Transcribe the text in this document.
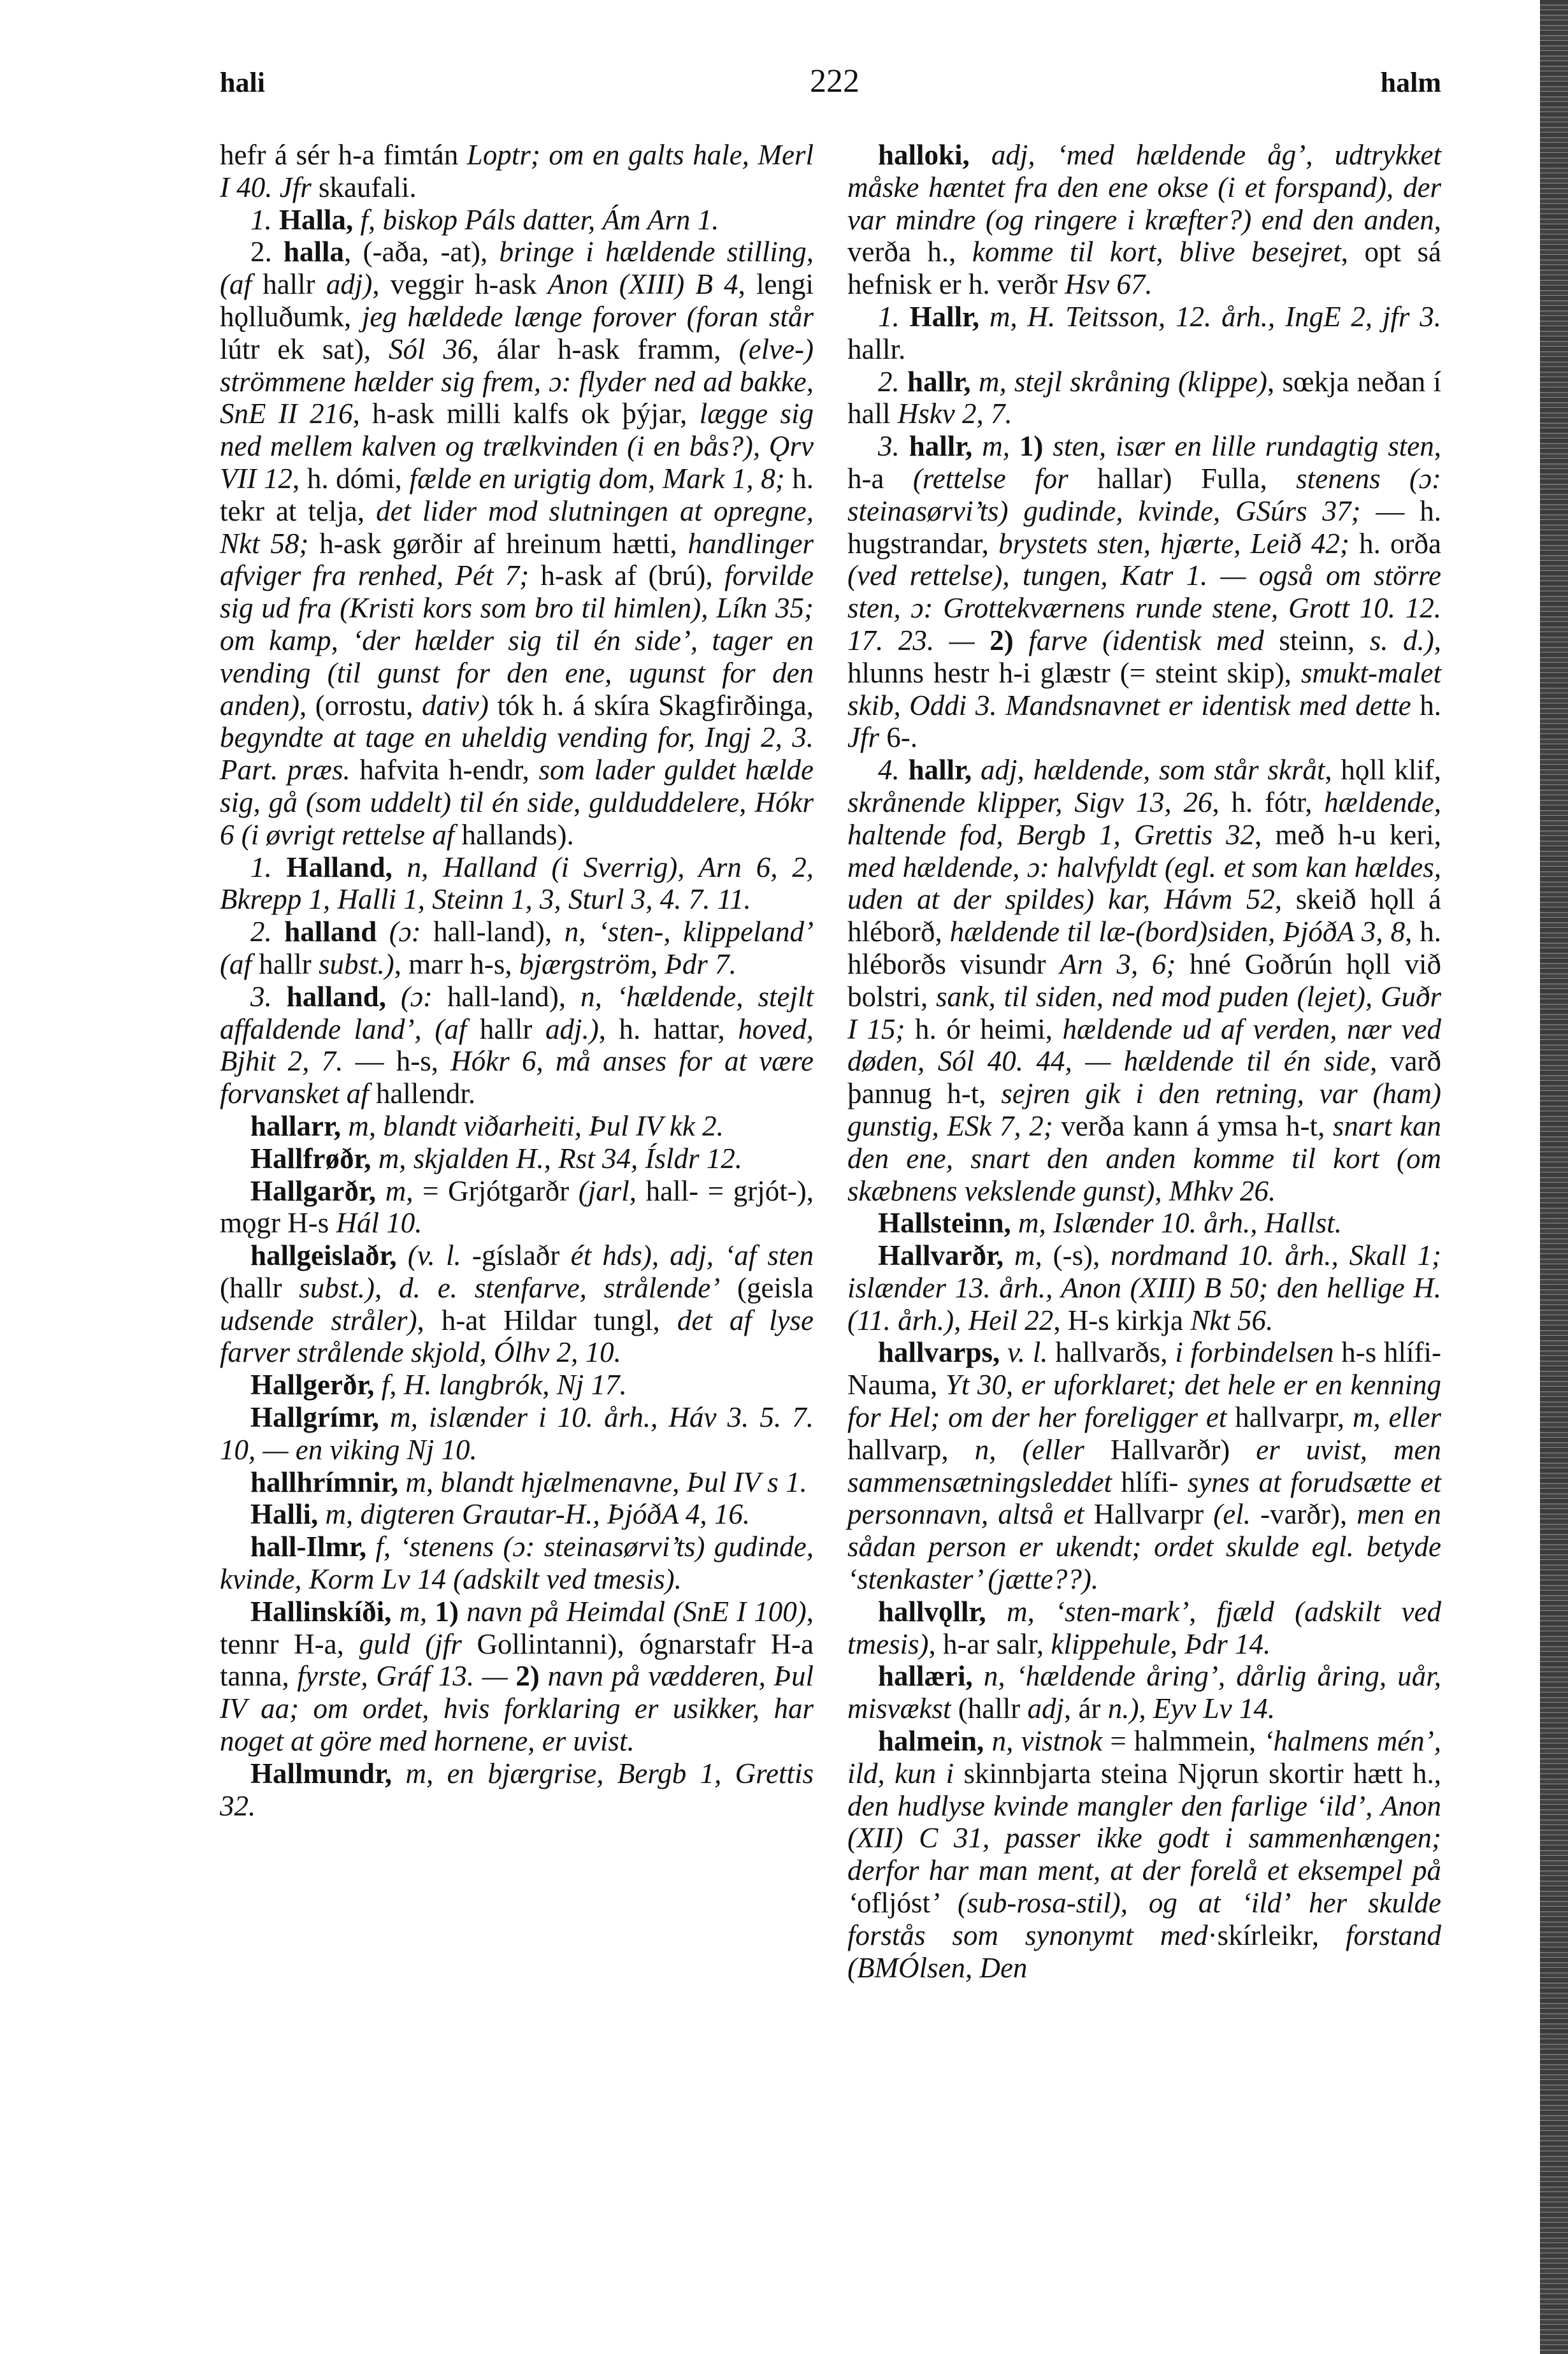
hali	222	halm

hefr á sér h-a fimtán Loptr; om en galts hale, Merl I 40. Jfr skaufali.

1. Halla, f, biskop Páls datter, Ám Arn 1.

2. halla, (-aða, -at), bringe i hældende stilling, (af hallr adj), veggir h-ask Anon (XIII) B 4, lengi hǫlluðumk, jeg hældede længe forover (foran står lútr ek sat), Sól 36, álar h-ask framm, (elve-) strömmene hælder sig frem, ɔ: flyder ned ad bakke, SnE II 216, h-ask milli kalfs ok þýjar, lægge sig ned mellem kalven og trælkvinden (i en bås?), Ǫrv VII 12, h. dómi, fælde en urigtig dom, Mark 1, 8; h. tekr at telja, det lider mod slutningen at opregne, Nkt 58; h-ask gørðir af hreinum hætti, handlinger afviger fra renhed, Pét 7; h-ask af (brú), forvilde sig ud fra (Kristi kors som bro til himlen), Líkn 35; om kamp, ‘der hælder sig til én side’, tager en vending (til gunst for den ene, ugunst for den anden), (orrostu, dativ) tók h. á skíra Skagfirðinga, begyndte at tage en uheldig vending for, Ingj 2, 3. Part. præs. hafvita h-endr, som lader guldet hælde sig, gå (som uddelt) til én side, gulduddelere, Hókr 6 (i øvrigt rettelse af hallands).

1. Halland, n, Halland (i Sverrig), Arn 6, 2, Bkrepp 1, Halli 1, Steinn 1, 3, Sturl 3, 4. 7. 11.

2. halland (ɔ: hall-land), n, ‘sten-, klippeland’ (af hallr subst.), marr h-s, bjærgström, Þdr 7.

3. halland, (ɔ: hall-land), n, ‘hældende, stejlt affaldende land’, (af hallr adj.), h. hattar, hoved, Bjhit 2, 7. — h-s, Hókr 6, må anses for at være forvansket af hallendr.

hallarr, m, blandt viðarheiti, Þul IV kk 2.

Hallfrøðr, m, skjalden H., Rst 34, Ísldr 12.

Hallgarðr, m, = Grjótgarðr (jarl, hall- = grjót-), mǫgr H-s Hál 10.

hallgeislaðr, (v. l. -gíslaðr ét hds), adj, ‘af sten (hallr subst.), d. e. stenfarve, strålende’ (geisla udsende stråler), h-at Hildar tungl, det af lyse farver strålende skjold, Ólhv 2, 10.

Hallgerðr, f, H. langbrók, Nj 17.

Hallgrímr, m, islænder i 10. årh., Háv 3. 5. 7. 10, — en viking Nj 10.

hallhrímnir, m, blandt hjælmenavne, Þul IV s 1.

Halli, m, digteren Grautar-H., ÞjóðA 4, 16.

hall-Ilmr, f, ‘stenens (ɔ: steinasørvi’ts) gudinde, kvinde, Korm Lv 14 (adskilt ved tmesis).

Hallinskíði, m, 1) navn på Heimdal (SnE I 100), tennr H-a, guld (jfr Gollintanni), ógnarstafr H-a tanna, fyrste, Gráf 13. — 2) navn på vædderen, Þul IV aa; om ordet, hvis forklaring er usikker, har noget at göre med hornene, er uvist.

Hallmundr, m, en bjærgrise, Bergb 1, Grettis 32.

halloki, adj, ‘med hældende åg’, udtrykket måske hæntet fra den ene okse (i et forspand), der var mindre (og ringere i kræfter?) end den anden, verða h., komme til kort, blive besejret, opt sá hefnisk er h. verðr Hsv 67.

1. Hallr, m, H. Teitsson, 12. årh., IngE 2, jfr 3. hallr.

2. hallr, m, stejl skråning (klippe), sœkja neðan í hall Hskv 2, 7.

3. hallr, m, 1) sten, især en lille rundagtig sten, h-a (rettelse for hallar) Fulla, stenens (ɔ: steinasørvi’ts) gudinde, kvinde, GSúrs 37; — h. hugstrandar, brystets sten, hjærte, Leið 42; h. orða (ved rettelse), tungen, Katr 1. — også om större sten, ɔ: Grottekværnens runde stene, Grott 10. 12. 17. 23. — 2) farve (identisk med steinn, s. d.), hlunns hestr h-i glæstr (= steint skip), smukt-malet skib, Oddi 3. Mandsnavnet er identisk med dette h. Jfr 6-.

4. hallr, adj, hældende, som står skråt, hǫll klif, skrånende klipper, Sigv 13, 26, h. fótr, hældende, haltende fod, Bergb 1, Grettis 32, með h-u keri, med hældende, ɔ: halvfyldt (egl. et som kan hældes, uden at der spildes) kar, Hávm 52, skeið hǫll á hléborð, hældende til læ-(bord)siden, ÞjóðA 3, 8, h. hléborðs visundr Arn 3, 6; hné Goðrún hǫll við bolstri, sank, til siden, ned mod puden (lejet), Guðr I 15; h. ór heimi, hældende ud af verden, nær ved døden, Sól 40. 44, — hældende til én side, varð þannug h-t, sejren gik i den retning, var (ham) gunstig, ESk 7, 2; verða kann á ymsa h-t, snart kan den ene, snart den anden komme til kort (om skæbnens vekslende gunst), Mhkv 26.

Hallsteinn, m, Islænder 10. årh., Hallst.

Hallvarðr, m, (-s), nordmand 10. årh., Skall 1; islænder 13. årh., Anon (XIII) B 50; den hellige H. (11. årh.), Heil 22, H-s kirkja Nkt 56.

hallvarps, v. l. hallvarðs, i forbindelsen h-s hlífi-Nauma, Yt 30, er uforklaret; det hele er en kenning for Hel; om der her foreligger et hallvarpr, m, eller hallvarp, n, (eller Hallvarðr) er uvist, men sammensætningsleddet hlífi- synes at forudsætte et personnavn, altså et Hallvarpr (el. -varðr), men en sådan person er ukendt; ordet skulde egl. betyde ‘stenkaster’ (jætte??).

hallvǫllr, m, ‘sten-mark’, fjæld (adskilt ved tmesis), h-ar salr, klippehule, Þdr 14.

hallæri, n, ‘hældende åring’, dårlig åring, uår, misvækst (hallr adj, ár n.), Eyv Lv 14.

halmein, n, vistnok = halmmein, ‘halmens mén’, ild, kun i skinnbjarta steina Njǫrun skortir hætt h., den hudlyse kvinde mangler den farlige ‘ild’, Anon (XII) C 31, passer ikke godt i sammenhængen; derfor har man ment, at der forelå et eksempel på ‘ofljóst’ (sub-rosa-stil), og at ‘ild’ her skulde forstås som synonymt med·skírleikr, forstand (BMÓlsen, Den
